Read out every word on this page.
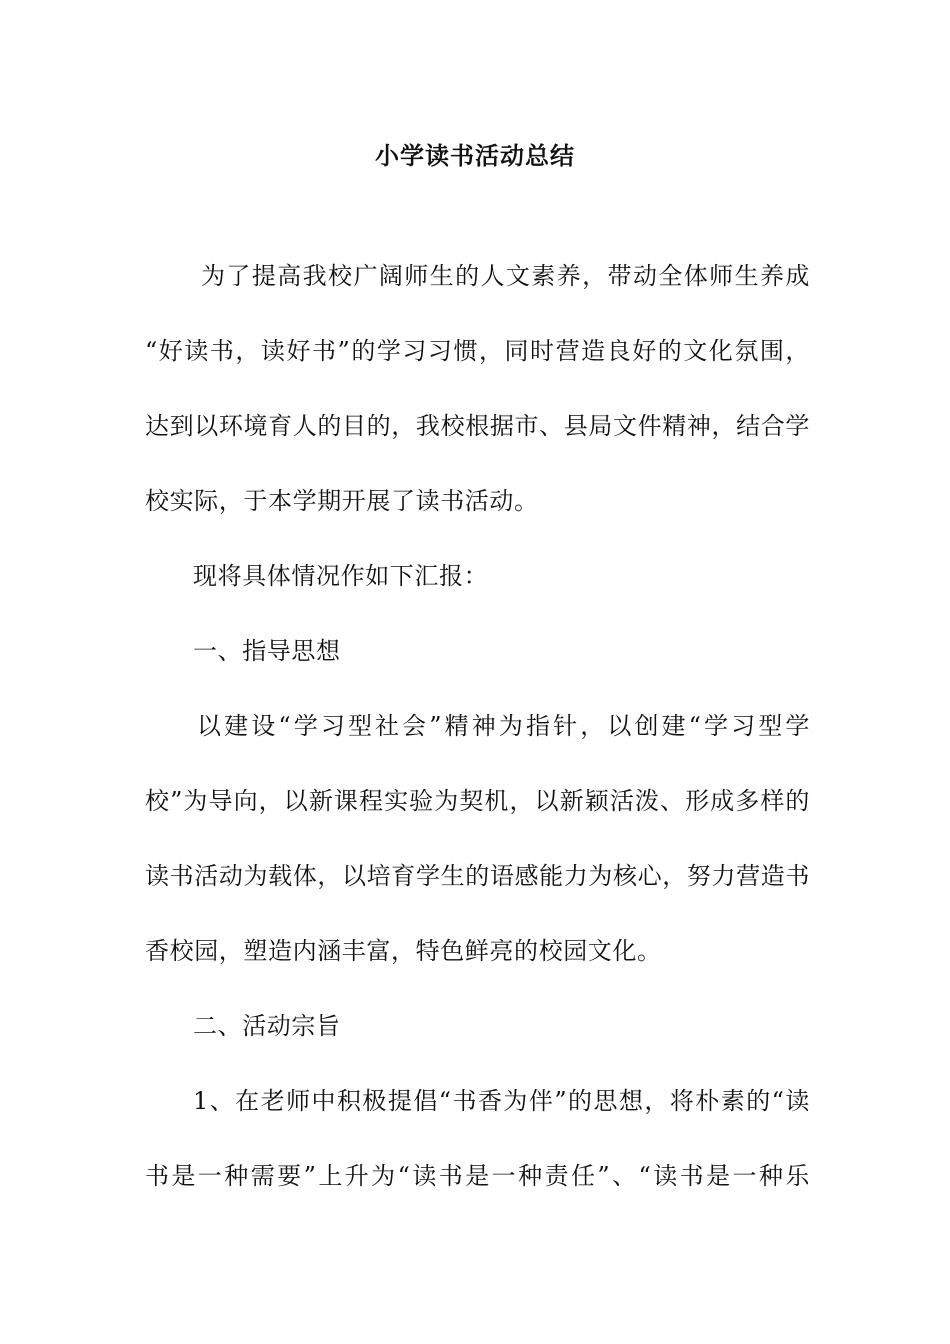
小学读书活动总结
为了提高我校广阔师生的人文素养，带动全体师生养成
“好读书，读好书”的学习习惯，同时营造良好的文化氛围，
达到以环境育人的目的，我校根据市、县局文件精神，结合学
校实际，于本学期开展了读书活动。
现将具体情况作如下汇报：
一、指导思想
以建设“学习型社会”精神为指针，以创建“学习型学
校”为导向，以新课程实验为契机，以新颖活泼、形成多样的
读书活动为载体，以培育学生的语感能力为核心，努力营造书
香校园，塑造内涵丰富，特色鲜亮的校园文化。
二、活动宗旨
1、在老师中积极提倡“书香为伴”的思想，将朴素的“读
书是一种需要”上升为“读书是一种责任”、“读书是一种乐
